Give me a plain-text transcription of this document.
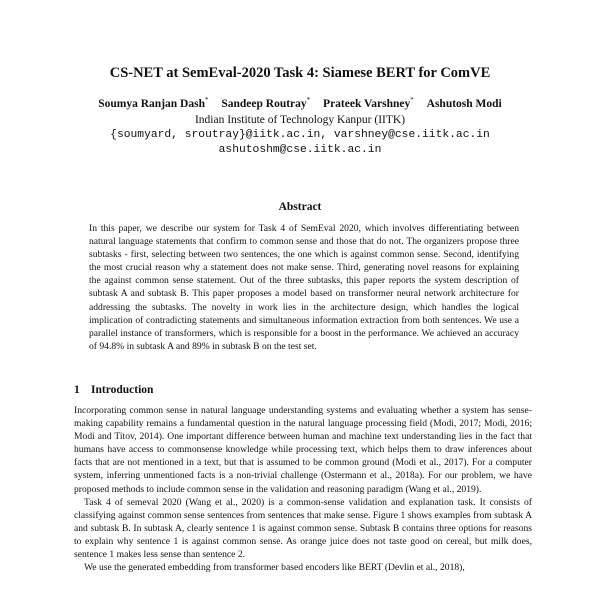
CS-NET at SemEval-2020 Task 4: Siamese BERT for ComVE
Soumya Ranjan Dash* Sandeep Routray* Prateek Varshney* Ashutosh Modi
Indian Institute of Technology Kanpur (IITK)
{soumyard, sroutray}@iitk.ac.in, varshney@cse.iitk.ac.in
ashutoshm@cse.iitk.ac.in
Abstract

In this paper, we describe our system for Task 4 of SemEval 2020, which involves differentiating between natural language statements that confirm to common sense and those that do not. The organizers propose three subtasks - first, selecting between two sentences, the one which is against common sense. Second, identifying the most crucial reason why a statement does not make sense. Third, generating novel reasons for explaining the against common sense statement. Out of the three subtasks, this paper reports the system description of subtask A and subtask B. This paper proposes a model based on transformer neural network architecture for addressing the subtasks. The novelty in work lies in the architecture design, which handles the logical implication of contradicting statements and simultaneous information extraction from both sentences. We use a parallel instance of transformers, which is responsible for a boost in the performance. We achieved an accuracy of 94.8% in subtask A and 89% in subtask B on the test set.

1 Introduction

Incorporating common sense in natural language understanding systems and evaluating whether a system has sense-making capability remains a fundamental question in the natural language processing field (Modi, 2017; Modi, 2016; Modi and Titov, 2014). One important difference between human and machine text understanding lies in the fact that humans have access to commonsense knowledge while processing text, which helps them to draw inferences about facts that are not mentioned in a text, but that is assumed to be common ground (Modi et al., 2017). For a computer system, inferring unmentioned facts is a non-trivial challenge (Ostermann et al., 2018a). For our problem, we have proposed methods to include common sense in the validation and reasoning paradigm (Wang et al., 2019).

Task 4 of semeval 2020 (Wang et al., 2020) is a common-sense validation and explanation task. It consists of classifying against common sense sentences from sentences that make sense. Figure 1 shows examples from subtask A and subtask B. In subtask A, clearly sentence 1 is against common sense. Subtask B contains three options for reasons to explain why sentence 1 is against common sense. As orange juice does not taste good on cereal, but milk does, sentence 1 makes less sense than sentence 2.

We use the generated embedding from transformer based encoders like BERT (Devlin et al., 2018),
